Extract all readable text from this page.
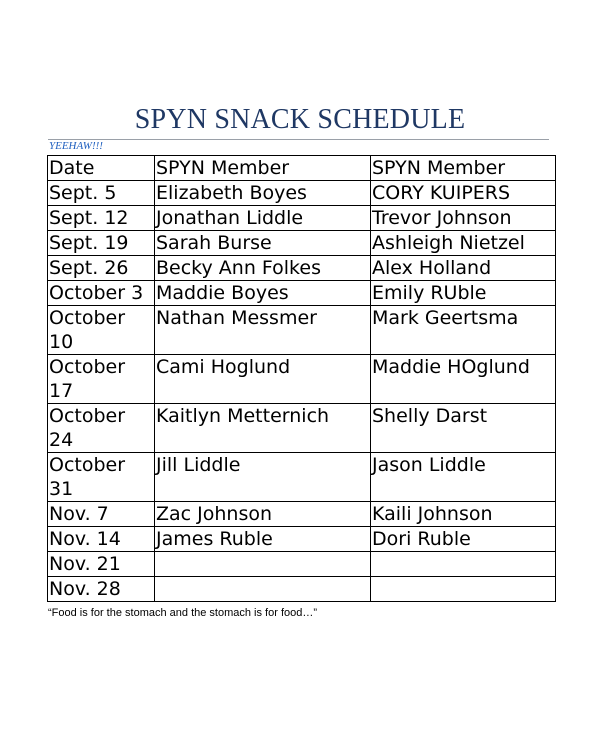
SPYN SNACK SCHEDULE
YEEHAW!!!
Date	SPYN Member	SPYN Member
Sept. 5	Elizabeth Boyes	CORY KUIPERS
Sept. 12	Jonathan Liddle	Trevor Johnson
Sept. 19	Sarah Burse	Ashleigh Nietzel
Sept. 26	Becky Ann Folkes	Alex Holland
October 3	Maddie Boyes	Emily RUble
October 10	Nathan Messmer	Mark Geertsma
October 17	Cami Hoglund	Maddie HOglund
October 24	Kaitlyn Metternich	Shelly Darst
October 31	Jill Liddle	Jason Liddle
Nov. 7	Zac Johnson	Kaili Johnson
Nov. 14	James Ruble	Dori Ruble
Nov. 21		
Nov. 28		
“Food is for the stomach and the stomach is for food…”
